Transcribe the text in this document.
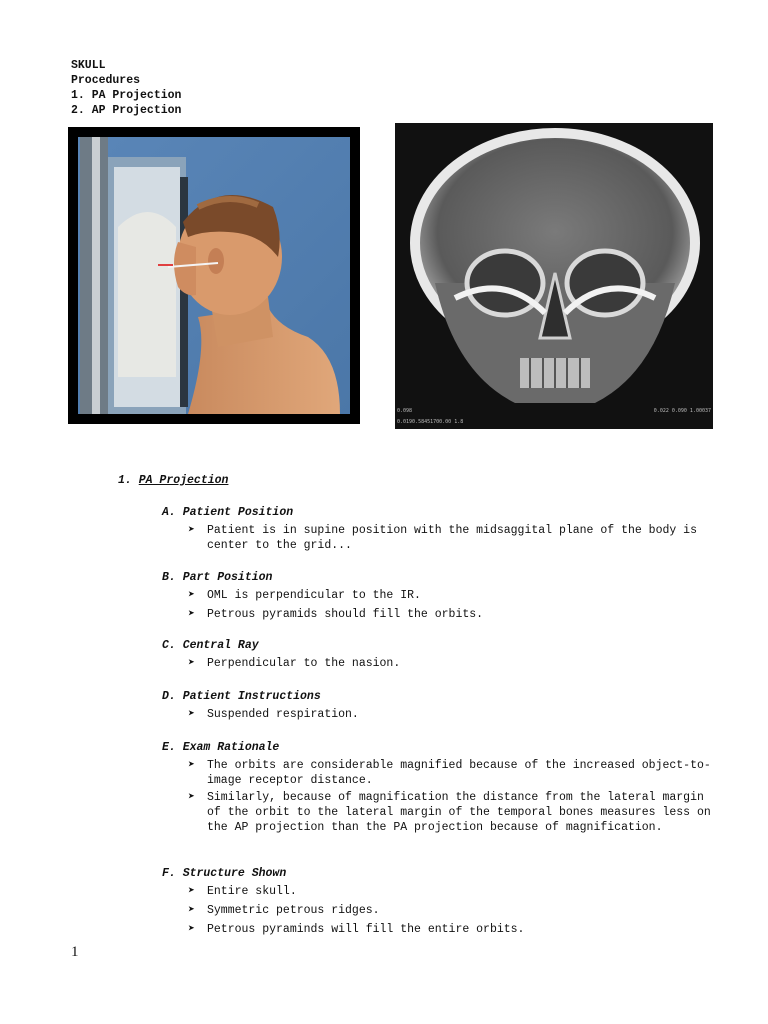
SKULL
Procedures
1. PA Projection
2. AP Projection
0.098
0.0190.58451700.00 1.8
0.022 0.090 1.00037
1. PA Projection
A. Patient Position
➤ Patient is in supine position with the midsaggital plane of the body is center to the grid...
B. Part Position
➤ OML is perpendicular to the IR.
➤ Petrous pyramids should fill the orbits.
C. Central Ray
➤ Perpendicular to the nasion.
D. Patient Instructions
➤ Suspended respiration.
E. Exam Rationale
➤ The orbits are considerable magnified because of the increased object-to-image receptor distance.
➤ Similarly, because of magnification the distance from the lateral margin of the orbit to the lateral margin of the temporal bones measures less on the AP projection than the PA projection because of magnification.
F. Structure Shown
➤ Entire skull.
➤ Symmetric petrous ridges.
➤ Petrous pyraminds will fill the entire orbits.
1
